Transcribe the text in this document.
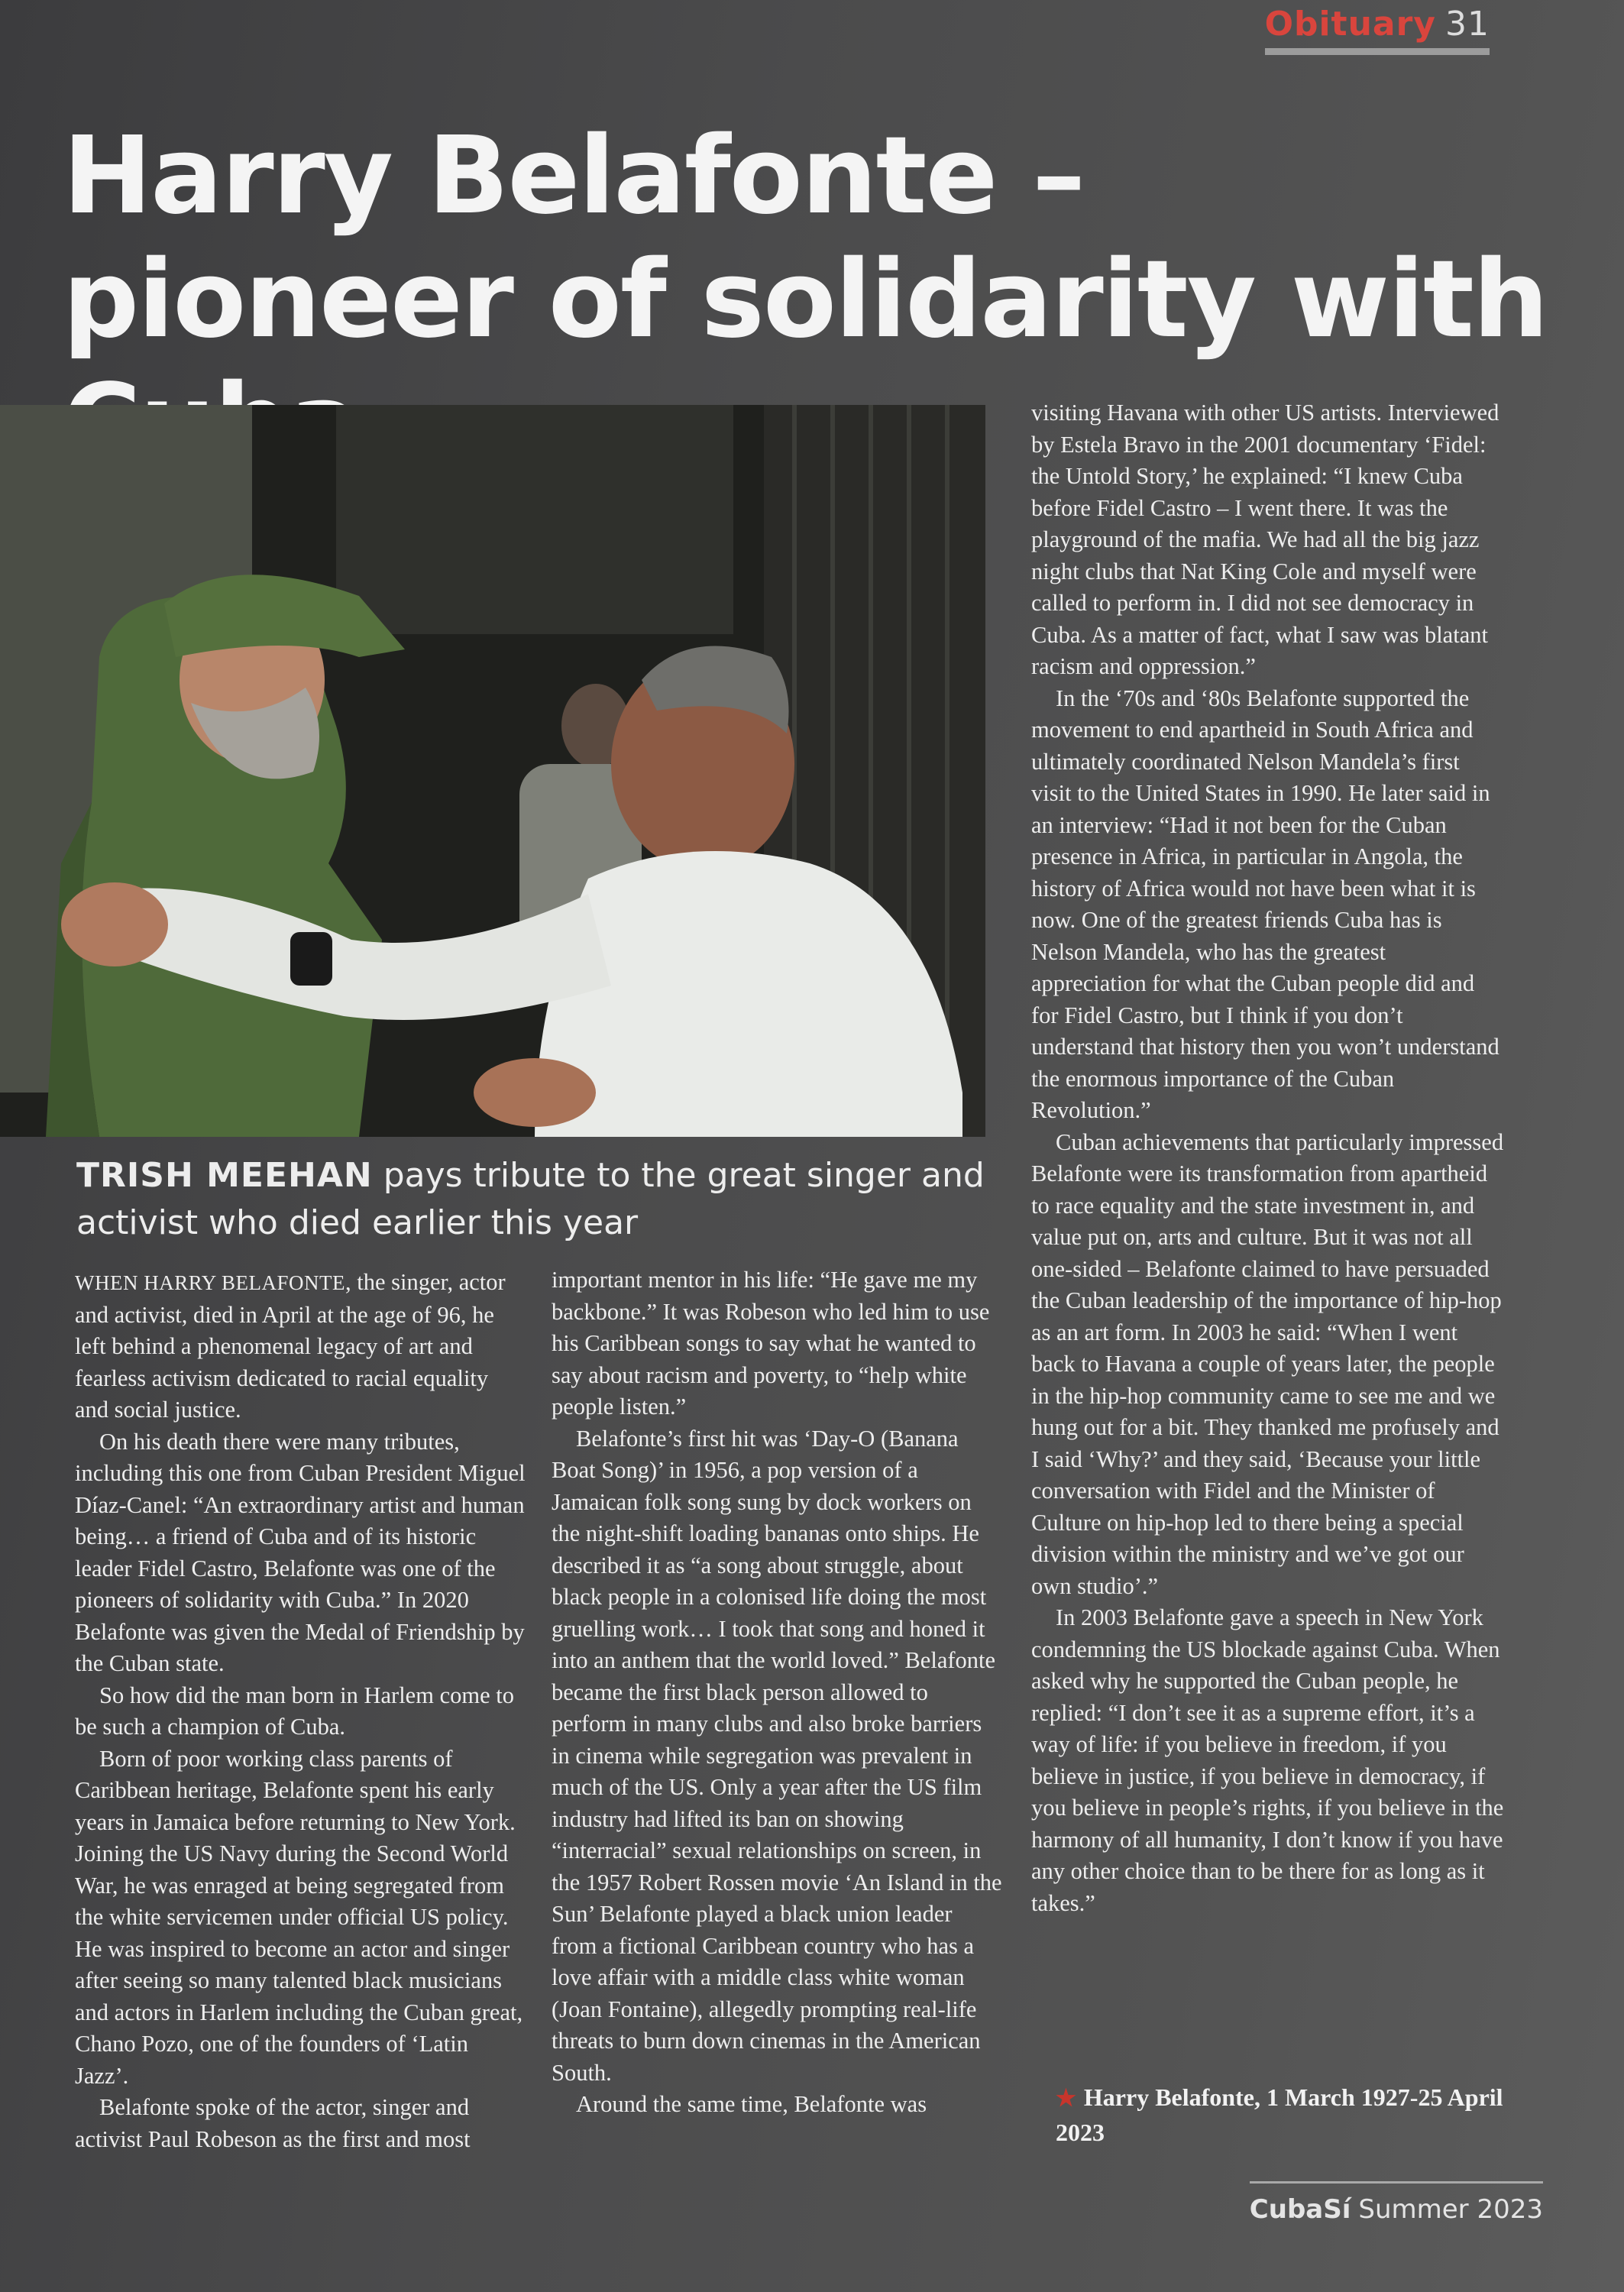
Obituary 31
Harry Belafonte – pioneer of solidarity with
TRISH MEEHAN pays tribute to the great singer and activist who died earlier this year

WHEN HARRY BELAFONTE, the singer, actor and activist, died in April at the age of 96, he left behind a phenomenal legacy of art and fearless activism dedicated to racial equality and social justice.

On his death there were many tributes, including this one from Cuban President Miguel Díaz-Canel: “An extraordinary artist and human being… a friend of Cuba and of its historic leader Fidel Castro, Belafonte was one of the pioneers of solidarity with Cuba.” In 2020 Belafonte was given the Medal of Friendship by the Cuban state.

So how did the man born in Harlem come to be such a champion of Cuba.

Born of poor working class parents of Caribbean heritage, Belafonte spent his early years in Jamaica before returning to New York. Joining the US Navy during the Second World War, he was enraged at being segregated from the white servicemen under official US policy. He was inspired to become an actor and singer after seeing so many talented black musicians and actors in Harlem including the Cuban great, Chano Pozo, one of the founders of ‘Latin Jazz’.

Belafonte spoke of the actor, singer and activist Paul Robeson as the first and most

important mentor in his life: “He gave me my backbone.” It was Robeson who led him to use his Caribbean songs to say what he wanted to say about racism and poverty, to “help white people listen.”

Belafonte’s first hit was ‘Day-O (Banana Boat Song)’ in 1956, a pop version of a Jamaican folk song sung by dock workers on the night-shift loading bananas onto ships. He described it as “a song about struggle, about black people in a colonised life doing the most gruelling work… I took that song and honed it into an anthem that the world loved.” Belafonte became the first black person allowed to perform in many clubs and also broke barriers in cinema while segregation was prevalent in much of the US. Only a year after the US film industry had lifted its ban on showing “interracial” sexual relationships on screen, in the 1957 Robert Rossen movie ‘An Island in the Sun’ Belafonte played a black union leader from a fictional Caribbean country who has a love affair with a middle class white woman (Joan Fontaine), allegedly prompting real-life threats to burn down cinemas in the American South.

Around the same time, Belafonte was

visiting Havana with other US artists. Interviewed by Estela Bravo in the 2001 documentary ‘Fidel: the Untold Story,’ he explained: “I knew Cuba before Fidel Castro – I went there. It was the playground of the mafia. We had all the big jazz night clubs that Nat King Cole and myself were called to perform in. I did not see democracy in Cuba. As a matter of fact, what I saw was blatant racism and oppression.”

In the ‘70s and ‘80s Belafonte supported the movement to end apartheid in South Africa and ultimately coordinated Nelson Mandela’s first visit to the United States in 1990. He later said in an interview: “Had it not been for the Cuban presence in Africa, in particular in Angola, the history of Africa would not have been what it is now. One of the greatest friends Cuba has is Nelson Mandela, who has the greatest appreciation for what the Cuban people did and for Fidel Castro, but I think if you don’t understand that history then you won’t understand the enormous importance of the Cuban Revolution.”

Cuban achievements that particularly impressed Belafonte were its transformation from apartheid to race equality and the state investment in, and value put on, arts and culture. But it was not all one-sided – Belafonte claimed to have persuaded the Cuban leadership of the importance of hip-hop as an art form. In 2003 he said: “When I went back to Havana a couple of years later, the people in the hip-hop community came to see me and we hung out for a bit. They thanked me profusely and I said ‘Why?’ and they said, ‘Because your little conversation with Fidel and the Minister of Culture on hip-hop led to there being a special division within the ministry and we’ve got our own studio’.”

In 2003 Belafonte gave a speech in New York condemning the US blockade against Cuba. When asked why he supported the Cuban people, he replied: “I don’t see it as a supreme effort, it’s a way of life: if you believe in freedom, if you believe in justice, if you believe in democracy, if you believe in people’s rights, if you believe in the harmony of all humanity, I don’t know if you have any other choice than to be there for as long as it takes.”

★ Harry Belafonte, 1 March 1927-25 April 2023
CubaSí Summer 2023
